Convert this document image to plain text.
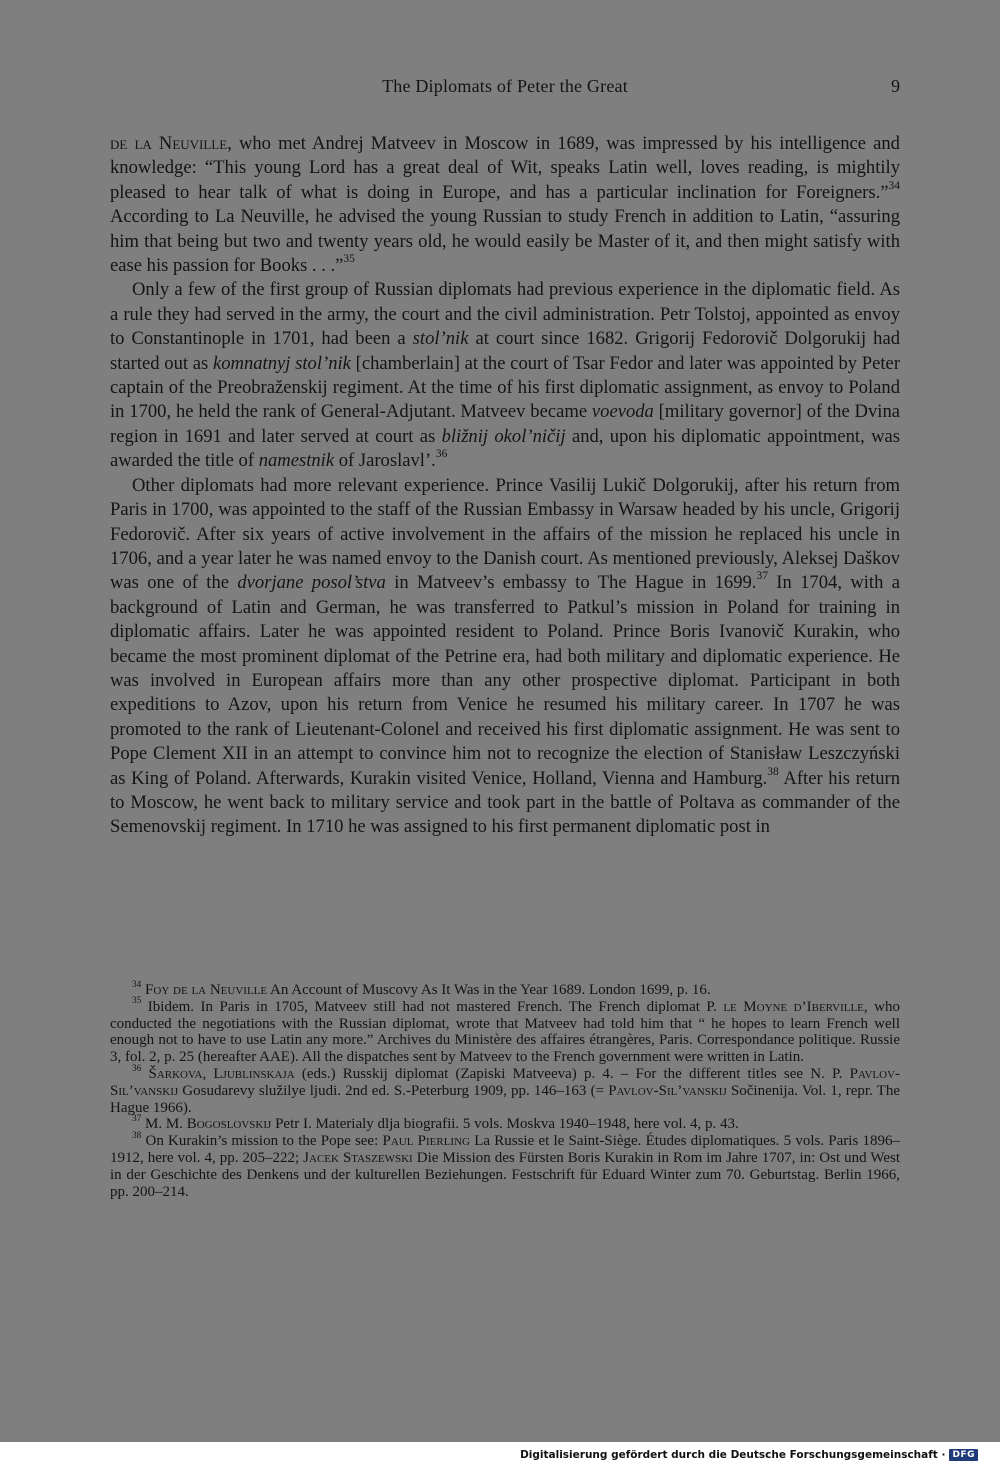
The Diplomats of Peter the Great	9

de la Neuville, who met Andrej Matveev in Moscow in 1689, was impressed by his intelligence and knowledge: “This young Lord has a great deal of Wit, speaks Latin well, loves reading, is mightily pleased to hear talk of what is doing in Europe, and has a particular inclination for Foreigners.”$^{34}$ According to La Neuville, he advised the young Russian to study French in addition to Latin, “assuring him that being but two and twenty years old, he would easily be Master of it, and then might satisfy with ease his passion for Books . . .”$^{35}$

Only a few of the first group of Russian diplomats had previous experience in the diplomatic field. As a rule they had served in the army, the court and the civil administration. Petr Tolstoj, appointed as envoy to Constantinople in 1701, had been a stol’nik at court since 1682. Grigorij Fedorovič Dolgorukij had started out as komnatnyj stol’nik [chamberlain] at the court of Tsar Fedor and later was appointed by Peter captain of the Preobraženskij regiment. At the time of his first diplomatic assignment, as envoy to Poland in 1700, he held the rank of General-Adjutant. Matveev became voevoda [military governor] of the Dvina region in 1691 and later served at court as bližnij okol’ničij and, upon his diplomatic appointment, was awarded the title of namestnik of Jaroslavl’.$^{36}$

Other diplomats had more relevant experience. Prince Vasilij Lukič Dolgorukij, after his return from Paris in 1700, was appointed to the staff of the Russian Embassy in Warsaw headed by his uncle, Grigorij Fedorovič. After six years of active involvement in the affairs of the mission he replaced his uncle in 1706, and a year later he was named envoy to the Danish court. As mentioned previously, Aleksej Daškov was one of the dvorjane posol’stva in Matveev’s embassy to The Hague in 1699.37 In 1704, with a background of Latin and German, he was transferred to Patkul’s mission in Poland for training in diplomatic affairs. Later he was appointed resident to Poland. Prince Boris Ivanovič Kurakin, who became the most prominent diplomat of the Petrine era, had both military and diplomatic experience. He was involved in European affairs more than any other prospective diplomat. Participant in both expeditions to Azov, upon his return from Venice he resumed his military career. In 1707 he was promoted to the rank of Lieutenant-Colonel and received his first diplomatic assignment. He was sent to Pope Clement XII in an attempt to convince him not to recognize the election of Stanisław Leszczyński as King of Poland. Afterwards, Kurakin visited Venice, Holland, Vienna and Hamburg.$^{38}$ After his return to Moscow, he went back to military service and took part in the battle of Poltava as commander of the Semenovskij regiment. In 1710 he was assigned to his first permanent diplomatic post in

$^{34}$ Foy de la Neuville An Account of Muscovy As It Was in the Year 1689. London 1699, p. 16.

$^{35}$ Ibidem. In Paris in 1705, Matveev still had not mastered French. The French diplomat P. le Moyne d’Iberville, who conducted the negotiations with the Russian diplomat, wrote that Matveev had told him that “ he hopes to learn French well enough not to have to use Latin any more.” Archives du Ministère des affaires étrangères, Paris. Correspondance politique. Russie 3, fol. 2, p. 25 (hereafter AAE). All the dispatches sent by Matveev to the French government were written in Latin.

$^{36}$ Šarkova, Ljublinskaja (eds.) Russkij diplomat (Zapiski Matveeva) p. 4. – For the different titles see N. P. Pavlov-Sil’vanskij Gosudarevy služilye ljudi. 2nd ed. S.-Peterburg 1909, pp. 146–163 (= Pavlov-Sil’vanskij Sočinenija. Vol. 1, repr. The Hague 1966).

$^{37}$ M. M. Bogoslovskij Petr I. Materialy dlja biografii. 5 vols. Moskva 1940–1948, here vol. 4, p. 43.

$^{38}$ On Kurakin’s mission to the Pope see: Paul Pierling La Russie et le Saint-Siège. Études diplomatiques. 5 vols. Paris 1896–1912, here vol. 4, pp. 205–222; Jacek Staszewski Die Mission des Fürsten Boris Kurakin in Rom im Jahre 1707, in: Ost und West in der Geschichte des Denkens und der kulturellen Beziehungen. Festschrift für Eduard Winter zum 70. Geburtstag. Berlin 1966, pp. 200–214.

Digitalisierung gefördert durch die Deutsche Forschungsgemeinschaft · DFG
